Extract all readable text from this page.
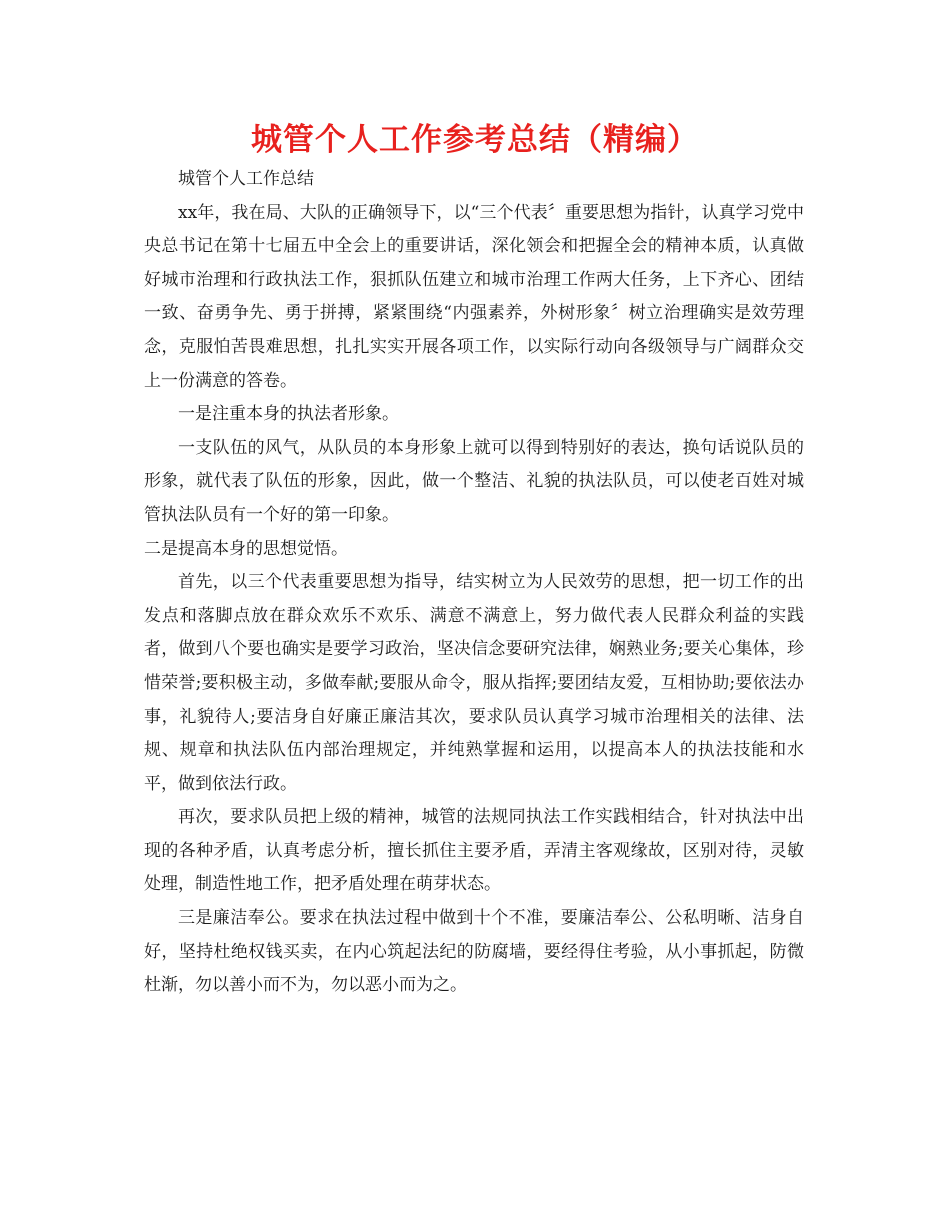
城管个人工作参考总结（精编）

城管个人工作总结

xx年，我在局、大队的正确领导下，以“三个代表〞重要思想为指针，认真学习党中央总书记在第十七届五中全会上的重要讲话，深化领会和把握全会的精神本质，认真做好城市治理和行政执法工作，狠抓队伍建立和城市治理工作两大任务，上下齐心、团结一致、奋勇争先、勇于拼搏，紧紧围绕“内强素养，外树形象〞树立治理确实是效劳理念，克服怕苦畏难思想，扎扎实实开展各项工作，以实际行动向各级领导与广阔群众交上一份满意的答卷。

一是注重本身的执法者形象。

一支队伍的风气，从队员的本身形象上就可以得到特别好的表达，换句话说队员的形象，就代表了队伍的形象，因此，做一个整洁、礼貌的执法队员，可以使老百姓对城管执法队员有一个好的第一印象。

二是提高本身的思想觉悟。

首先，以三个代表重要思想为指导，结实树立为人民效劳的思想，把一切工作的出发点和落脚点放在群众欢乐不欢乐、满意不满意上，努力做代表人民群众利益的实践者，做到八个要也确实是要学习政治，坚决信念要研究法律，娴熟业务;要关心集体，珍惜荣誉;要积极主动，多做奉献;要服从命令，服从指挥;要团结友爱，互相协助;要依法办事，礼貌待人;要洁身自好廉正廉洁其次，要求队员认真学习城市治理相关的法律、法规、规章和执法队伍内部治理规定，并纯熟掌握和运用，以提高本人的执法技能和水平，做到依法行政。

再次，要求队员把上级的精神，城管的法规同执法工作实践相结合，针对执法中出现的各种矛盾，认真考虑分析，擅长抓住主要矛盾，弄清主客观缘故，区别对待，灵敏处理，制造性地工作，把矛盾处理在萌芽状态。

三是廉洁奉公。要求在执法过程中做到十个不准，要廉洁奉公、公私明晰、洁身自好，坚持杜绝权钱买卖，在内心筑起法纪的防腐墙，要经得住考验，从小事抓起，防微杜渐，勿以善小而不为，勿以恶小而为之。
